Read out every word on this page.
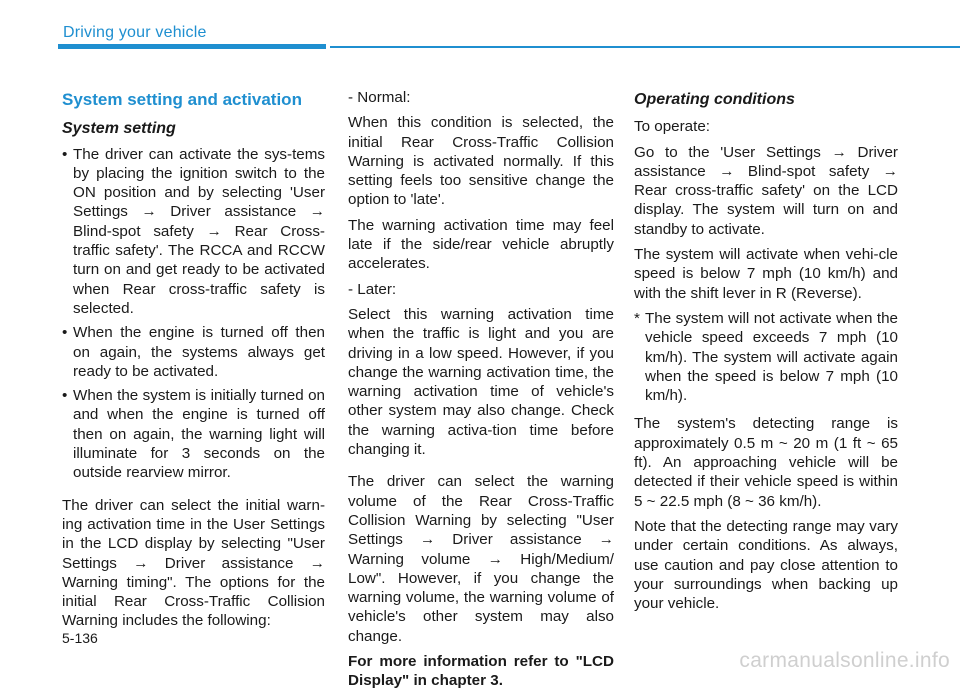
Driving your vehicle
System setting and activation
System setting
• The driver can activate the sys-tems by placing the ignition switch to the ON position and by selecting 'User Settings → Driver assistance → Blind-spot safety → Rear Cross-traffic safety'. The RCCA and RCCW turn on and get ready to be activated when Rear cross-traffic safety is selected.
• When the engine is turned off then on again, the systems always get ready to be activated.
• When the system is initially turned on and when the engine is turned off then on again, the warning light will illuminate for 3 seconds on the outside rearview mirror.

The driver can select the initial warn-ing activation time in the User Settings in the LCD display by selecting "User Settings → Driver assistance → Warning timing". The options for the initial Rear Cross-Traffic Collision Warning includes the following:

- Normal:

When this condition is selected, the initial Rear Cross-Traffic Collision Warning is activated normally. If this setting feels too sensitive change the option to 'late'.

The warning activation time may feel late if the side/rear vehicle abruptly accelerates.

- Later:

Select this warning activation time when the traffic is light and you are driving in a low speed. However, if you change the warning activation time, the warning activation time of vehicle's other system may also change. Check the warning activa-tion time before changing it.

The driver can select the warning volume of the Rear Cross-Traffic Collision Warning by selecting "User Settings → Driver assistance → Warning volume → High/Medium/ Low". However, if you change the warning volume, the warning volume of vehicle's other system may also change.

For more information refer to "LCD Display" in chapter 3.

Operating conditions

To operate:

Go to the 'User Settings → Driver assistance → Blind-spot safety → Rear cross-traffic safety' on the LCD display. The system will turn on and standby to activate.

The system will activate when vehi-cle speed is below 7 mph (10 km/h) and with the shift lever in R (Reverse).

* The system will not activate when the vehicle speed exceeds 7 mph (10 km/h). The system will activate again when the speed is below 7 mph (10 km/h).

The system's detecting range is approximately 0.5 m ~ 20 m (1 ft ~ 65 ft). An approaching vehicle will be detected if their vehicle speed is within 5 ~ 22.5 mph (8 ~ 36 km/h).

Note that the detecting range may vary under certain conditions. As always, use caution and pay close attention to your surroundings when backing up your vehicle.

5-136
carmanualsonline.info
